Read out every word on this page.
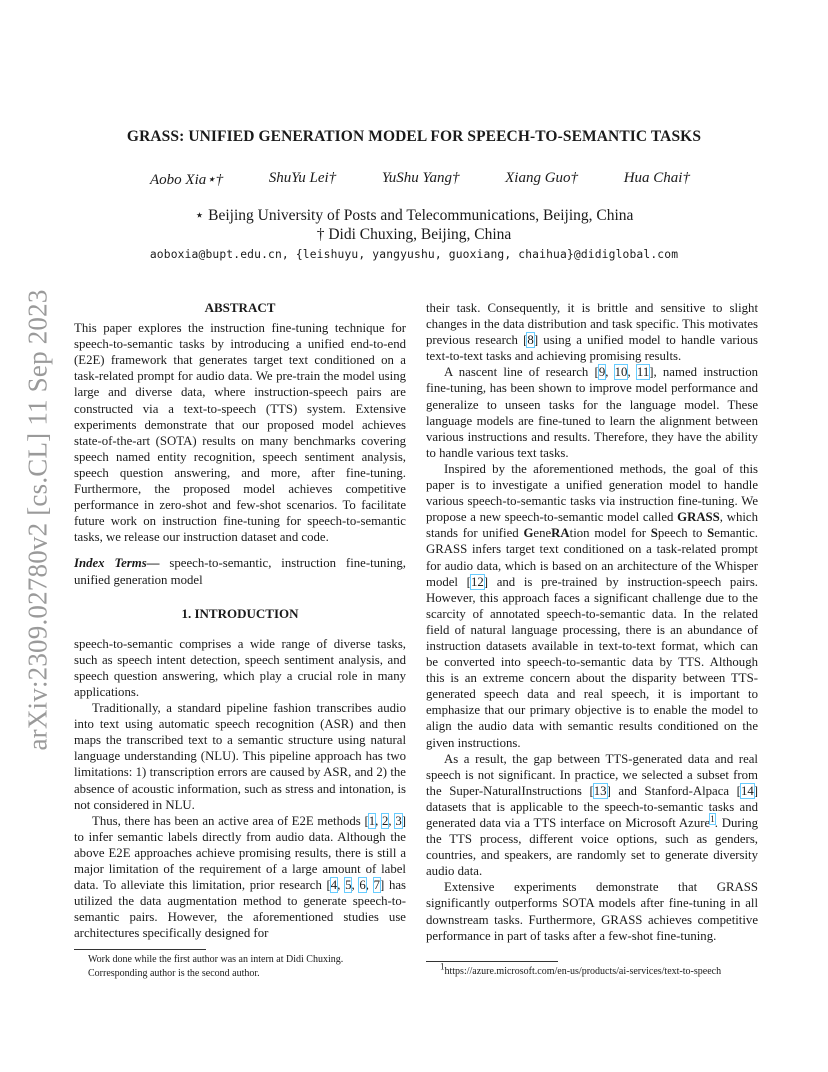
arXiv:2309.02780v2 [cs.CL] 11 Sep 2023
GRASS: UNIFIED GENERATION MODEL FOR SPEECH-TO-SEMANTIC TASKS
Aobo Xia⋆†	ShuYu Lei†	YuShu Yang†	Xiang Guo†	Hua Chai†
⋆ Beijing University of Posts and Telecommunications, Beijing, China
† Didi Chuxing, Beijing, China
aoboxia@bupt.edu.cn, {leishuyu, yangyushu, guoxiang, chaihua}@didiglobal.com
ABSTRACT

This paper explores the instruction fine-tuning technique for speech-to-semantic tasks by introducing a unified end-to-end (E2E) framework that generates target text conditioned on a task-related prompt for audio data. We pre-train the model using large and diverse data, where instruction-speech pairs are constructed via a text-to-speech (TTS) system. Extensive experiments demonstrate that our proposed model achieves state-of-the-art (SOTA) results on many benchmarks covering speech named entity recognition, speech sentiment analysis, speech question answering, and more, after fine-tuning. Furthermore, the proposed model achieves competitive performance in zero-shot and few-shot scenarios. To facilitate future work on instruction fine-tuning for speech-to-semantic tasks, we release our instruction dataset and code.

Index Terms— speech-to-semantic, instruction fine-tuning, unified generation model

1. INTRODUCTION

speech-to-semantic comprises a wide range of diverse tasks, such as speech intent detection, speech sentiment analysis, and speech question answering, which play a crucial role in many applications.

Traditionally, a standard pipeline fashion transcribes audio into text using automatic speech recognition (ASR) and then maps the transcribed text to a semantic structure using natural language understanding (NLU). This pipeline approach has two limitations: 1) transcription errors are caused by ASR, and 2) the absence of acoustic information, such as stress and intonation, is not considered in NLU.

Thus, there has been an active area of E2E methods [1, 2, 3] to infer semantic labels directly from audio data. Although the above E2E approaches achieve promising results, there is still a major limitation of the requirement of a large amount of label data. To alleviate this limitation, prior research [4, 5, 6, 7] has utilized the data augmentation method to generate speech-to-semantic pairs. However, the aforementioned studies use architectures specifically designed for

their task. Consequently, it is brittle and sensitive to slight changes in the data distribution and task specific. This motivates previous research [8] using a unified model to handle various text-to-text tasks and achieving promising results.

A nascent line of research [9, 10, 11], named instruction fine-tuning, has been shown to improve model performance and generalize to unseen tasks for the language model. These language models are fine-tuned to learn the alignment between various instructions and results. Therefore, they have the ability to handle various text tasks.

Inspired by the aforementioned methods, the goal of this paper is to investigate a unified generation model to handle various speech-to-semantic tasks via instruction fine-tuning. We propose a new speech-to-semantic model called GRASS, which stands for unified GeneRAtion model for Speech to Semantic. GRASS infers target text conditioned on a task-related prompt for audio data, which is based on an architecture of the Whisper model [12] and is pre-trained by instruction-speech pairs. However, this approach faces a significant challenge due to the scarcity of annotated speech-to-semantic data. In the related field of natural language processing, there is an abundance of instruction datasets available in text-to-text format, which can be converted into speech-to-semantic data by TTS. Although this is an extreme concern about the disparity between TTS-generated speech data and real speech, it is important to emphasize that our primary objective is to enable the model to align the audio data with semantic results conditioned on the given instructions.

As a result, the gap between TTS-generated data and real speech is not significant. In practice, we selected a subset from the Super-NaturalInstructions [13] and Stanford-Alpaca [14] datasets that is applicable to the speech-to-semantic tasks and generated data via a TTS interface on Microsoft Azure$^1$. During the TTS process, different voice options, such as genders, countries, and speakers, are randomly set to generate diversity audio data.

Extensive experiments demonstrate that GRASS significantly outperforms SOTA models after fine-tuning in all downstream tasks. Furthermore, GRASS achieves competitive performance in part of tasks after a few-shot fine-tuning.

Work done while the first author was an intern at Didi Chuxing.

Corresponding author is the second author.

$^1$https://azure.microsoft.com/en-us/products/ai-services/text-to-speech
